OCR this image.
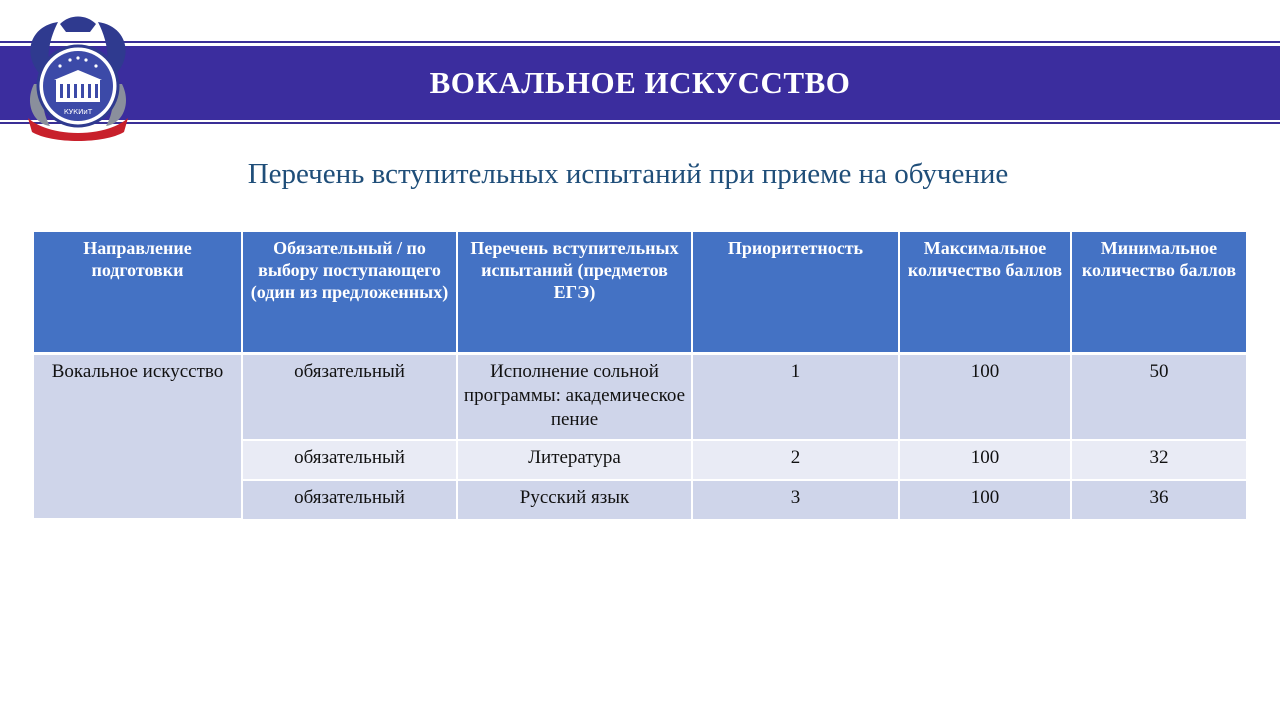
ВОКАЛЬНОЕ ИСКУССТВО
КУКИиТ
Перечень вступительных испытаний при приеме на обучение
Направление подготовки	Обязательный / по выбору поступающего (один из предложенных)	Перечень вступительных испытаний (предметов ЕГЭ)	Приоритетность	Максимальное количество баллов	Минимальное количество баллов
Вокальное искусство	обязательный	Исполнение сольной программы: академическое пение	1	100	50
	обязательный	Литература	2	100	32
	обязательный	Русский язык	3	100	36
